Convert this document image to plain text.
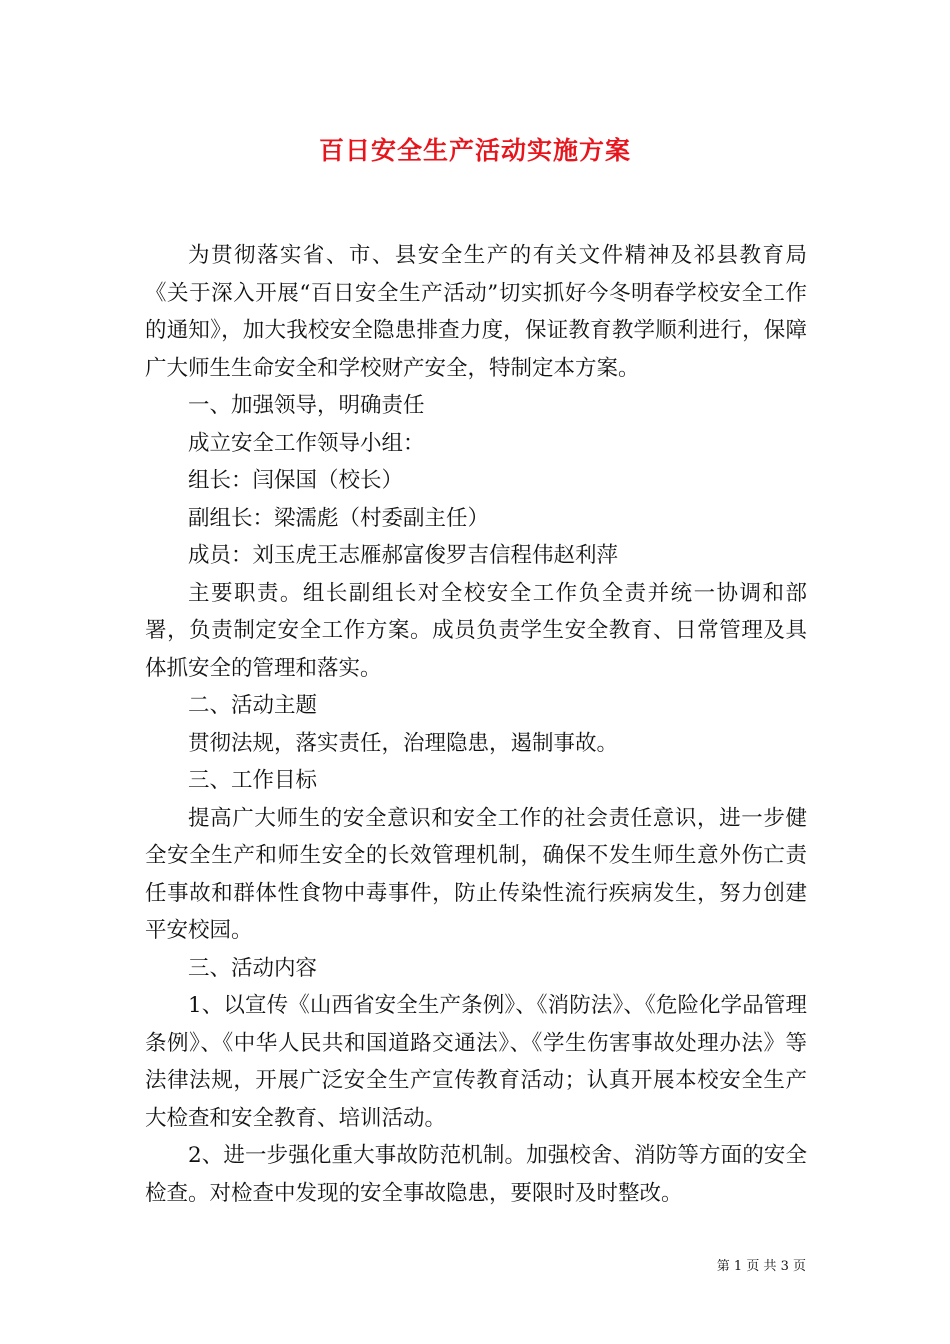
百日安全生产活动实施方案

为贯彻落实省、市、县安全生产的有关文件精神及祁县教育局《关于深入开展“百日安全生产活动”切实抓好今冬明春学校安全工作的通知》，加大我校安全隐患排查力度，保证教育教学顺利进行，保障广大师生生命安全和学校财产安全，特制定本方案。

一、加强领导，明确责任

成立安全工作领导小组：

组长：闫保国（校长）

副组长：梁濡彪（村委副主任）

成员：刘玉虎王志雁郝富俊罗吉信程伟赵利萍

主要职责。组长副组长对全校安全工作负全责并统一协调和部署，负责制定安全工作方案。成员负责学生安全教育、日常管理及具体抓安全的管理和落实。

二、活动主题

贯彻法规，落实责任，治理隐患，遏制事故。

三、工作目标

提高广大师生的安全意识和安全工作的社会责任意识，进一步健全安全生产和师生安全的长效管理机制，确保不发生师生意外伤亡责任事故和群体性食物中毒事件，防止传染性流行疾病发生，努力创建平安校园。

三、活动内容

1、以宣传《山西省安全生产条例》、《消防法》、《危险化学品管理条例》、《中华人民共和国道路交通法》、《学生伤害事故处理办法》等法律法规，开展广泛安全生产宣传教育活动；认真开展本校安全生产大检查和安全教育、培训活动。

2、进一步强化重大事故防范机制。加强校舍、消防等方面的安全检查。对检查中发现的安全事故隐患，要限时及时整改。

第 1 页 共 3 页
